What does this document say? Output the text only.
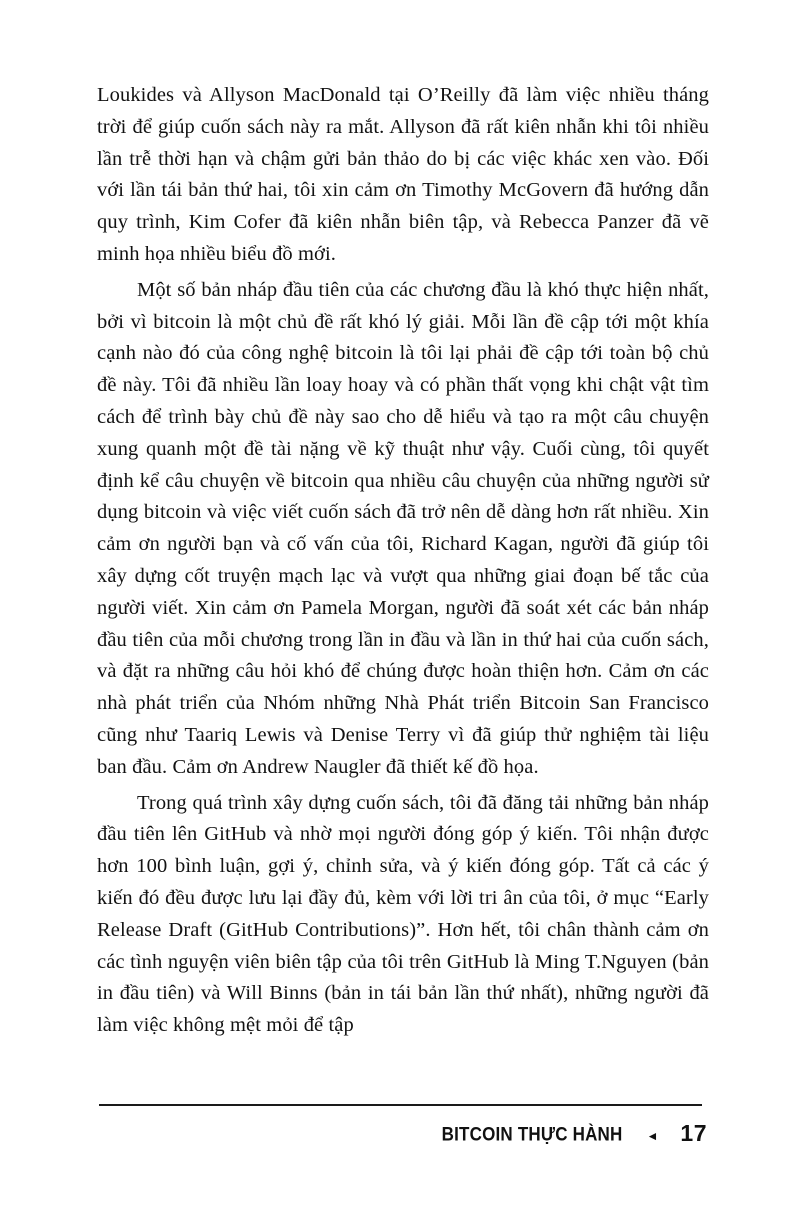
Loukides và Allyson MacDonald tại O’Reilly đã làm việc nhiều tháng trời để giúp cuốn sách này ra mắt. Allyson đã rất kiên nhẫn khi tôi nhiều lần trễ thời hạn và chậm gửi bản thảo do bị các việc khác xen vào. Đối với lần tái bản thứ hai, tôi xin cảm ơn Timothy McGovern đã hướng dẫn quy trình, Kim Cofer đã kiên nhẫn biên tập, và Rebecca Panzer đã vẽ minh họa nhiều biểu đồ mới.

Một số bản nháp đầu tiên của các chương đầu là khó thực hiện nhất, bởi vì bitcoin là một chủ đề rất khó lý giải. Mỗi lần đề cập tới một khía cạnh nào đó của công nghệ bitcoin là tôi lại phải đề cập tới toàn bộ chủ đề này. Tôi đã nhiều lần loay hoay và có phần thất vọng khi chật vật tìm cách để trình bày chủ đề này sao cho dễ hiểu và tạo ra một câu chuyện xung quanh một đề tài nặng về kỹ thuật như vậy. Cuối cùng, tôi quyết định kể câu chuyện về bitcoin qua nhiều câu chuyện của những người sử dụng bitcoin và việc viết cuốn sách đã trở nên dễ dàng hơn rất nhiều. Xin cảm ơn người bạn và cố vấn của tôi, Richard Kagan, người đã giúp tôi xây dựng cốt truyện mạch lạc và vượt qua những giai đoạn bế tắc của người viết. Xin cảm ơn Pamela Morgan, người đã soát xét các bản nháp đầu tiên của mỗi chương trong lần in đầu và lần in thứ hai của cuốn sách, và đặt ra những câu hỏi khó để chúng được hoàn thiện hơn. Cảm ơn các nhà phát triển của Nhóm những Nhà Phát triển Bitcoin San Francisco cũng như Taariq Lewis và Denise Terry vì đã giúp thử nghiệm tài liệu ban đầu. Cảm ơn Andrew Naugler đã thiết kế đồ họa.

Trong quá trình xây dựng cuốn sách, tôi đã đăng tải những bản nháp đầu tiên lên GitHub và nhờ mọi người đóng góp ý kiến. Tôi nhận được hơn 100 bình luận, gợi ý, chỉnh sửa, và ý kiến đóng góp. Tất cả các ý kiến đó đều được lưu lại đầy đủ, kèm với lời tri ân của tôi, ở mục “Early Release Draft (GitHub Contributions)”. Hơn hết, tôi chân thành cảm ơn các tình nguyện viên biên tập của tôi trên GitHub là Ming T.Nguyen (bản in đầu tiên) và Will Binns (bản in tái bản lần thứ nhất), những người đã làm việc không mệt mỏi để tập

BITCOIN THỰC HÀNH ◄ 17
